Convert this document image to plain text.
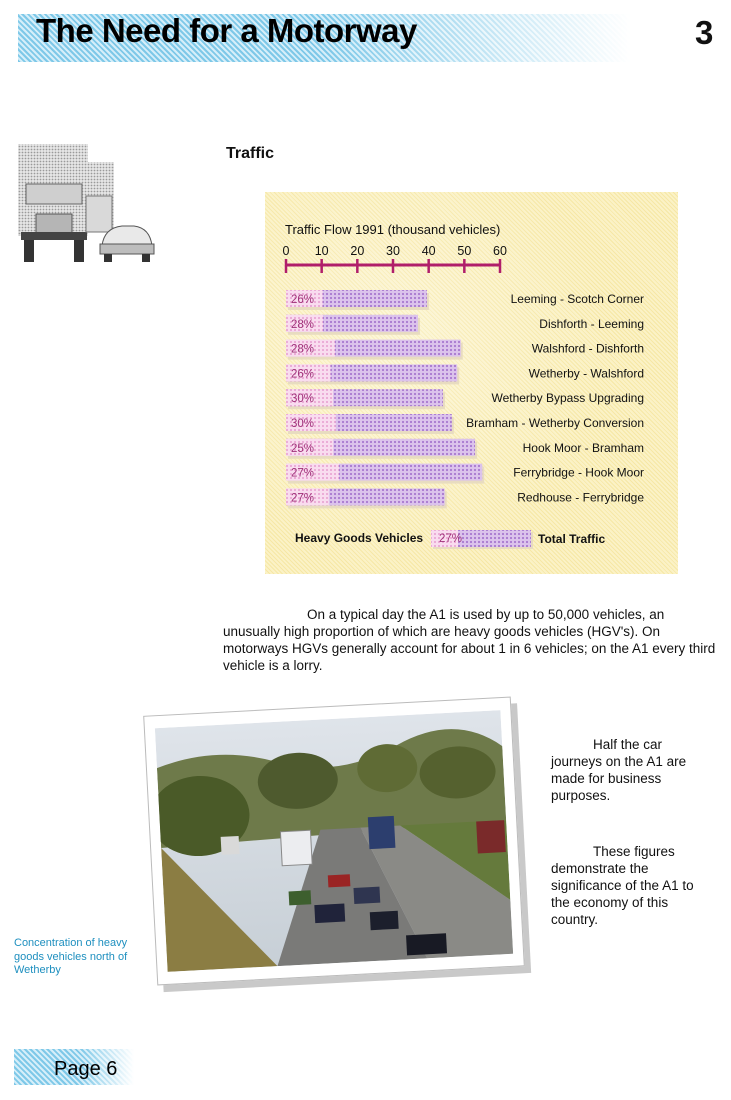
The Need for a Motorway	3
Traffic
Traffic Flow 1991 (thousand vehicles)
0 10 20 30 40 50 60
26%	Leeming - Scotch Corner
28%	Dishforth - Leeming
28%	Walshford - Dishforth
26%	Wetherby - Walshford
30%	Wetherby Bypass Upgrading
30%	Bramham - Wetherby Conversion
25%	Hook Moor - Bramham
27%	Ferrybridge - Hook Moor
27%	Redhouse - Ferrybridge
Heavy Goods Vehicles 27%	Total Traffic
On a typical day the A1 is used by up to 50,000 vehicles, an unusually high proportion of which are heavy goods vehicles (HGV's). On motorways HGVs generally account for about 1 in 6 vehicles; on the A1 every third vehicle is a lorry.
Half the car journeys on the A1 are made for business purposes.
These figures demonstrate the significance of the A1 to the economy of this country.
Concentration of heavy goods vehicles north of Wetherby
Page 6
